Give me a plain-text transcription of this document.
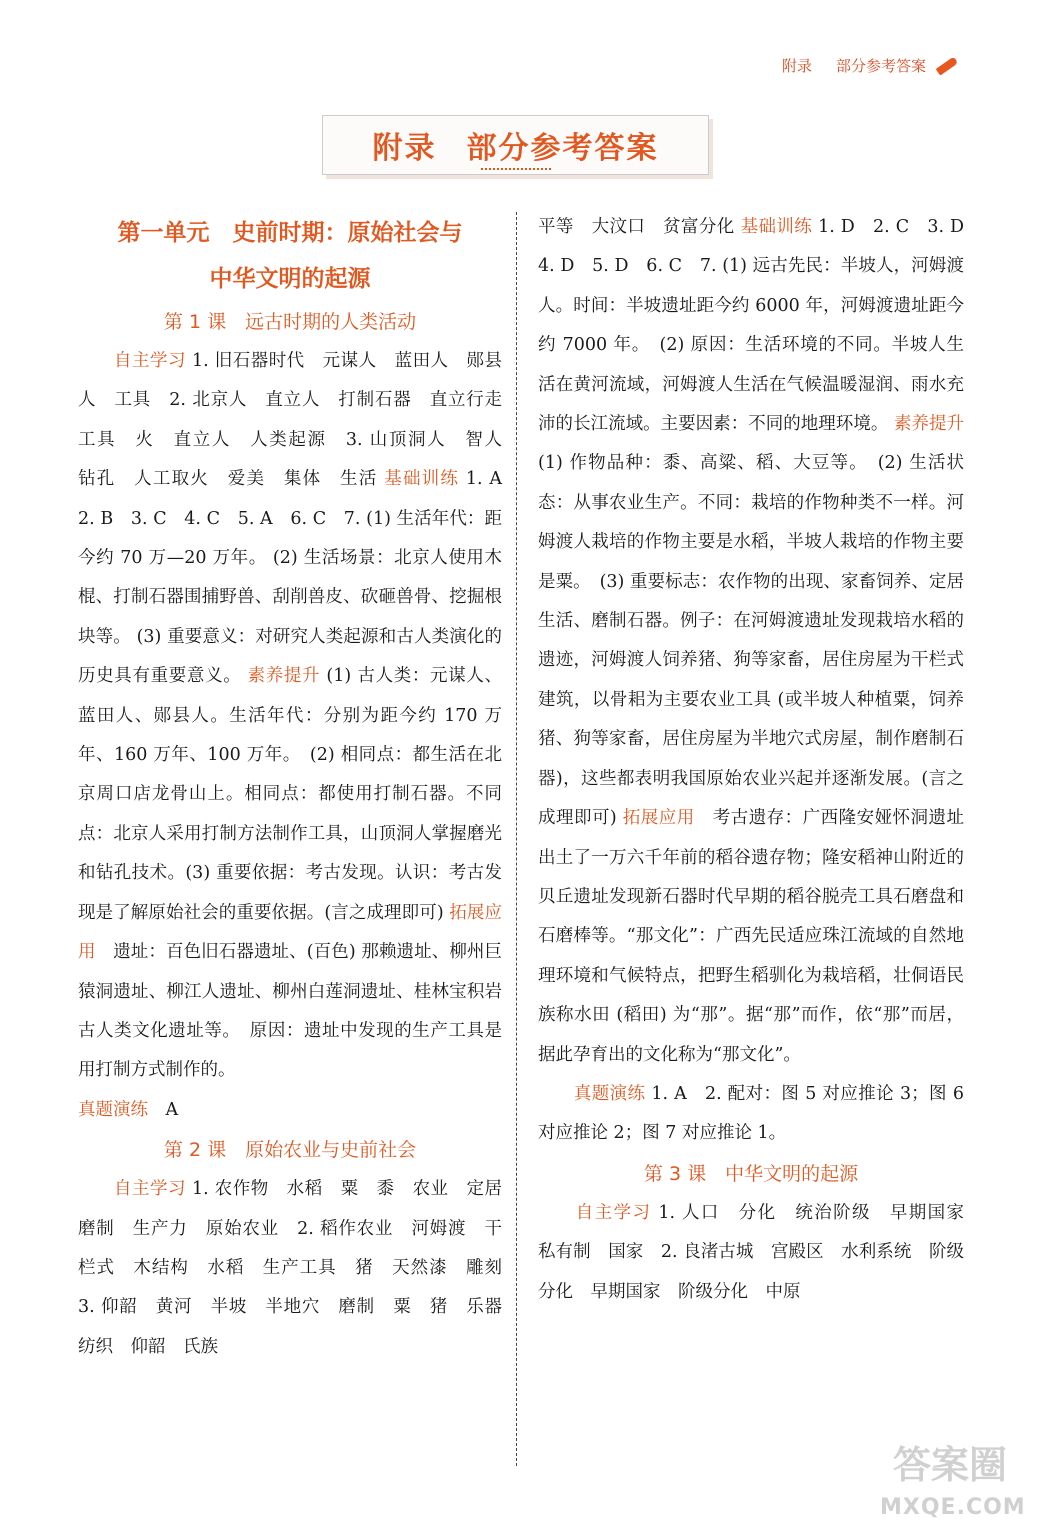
附录 部分参考答案
附录 部分参考答案
第一单元　史前时期：原始社会与
中华文明的起源
第 1 课　远古时期的人类活动

　　自主学习 1. 旧石器时代　元谋人　蓝田人　郧县人　工具　2. 北京人　直立人　打制石器　直立行走　工具　火　直立人　人类起源　3. 山顶洞人　智人　钻孔　人工取火　爱美　集体　生活 基础训练 1. A　2. B　3. C　4. C　5. A　6. C　7. (1) 生活年代：距今约 70 万—20 万年。 (2) 生活场景：北京人使用木棍、打制石器围捕野兽、刮削兽皮、砍砸兽骨、挖掘根块等。 (3) 重要意义：对研究人类起源和古人类演化的历史具有重要意义。 素养提升 (1) 古人类：元谋人、蓝田人、郧县人。生活年代：分别为距今约 170 万年、160 万年、100 万年。　(2) 相同点：都生活在北京周口店龙骨山上。相同点：都使用打制石器。不同点：北京人采用打制方法制作工具，山顶洞人掌握磨光和钻孔技术。(3) 重要依据：考古发现。认识：考古发现是了解原始社会的重要依据。(言之成理即可) 拓展应用　遗址：百色旧石器遗址、(百色) 那赖遗址、柳州巨猿洞遗址、柳江人遗址、柳州白莲洞遗址、桂林宝积岩古人类文化遗址等。　原因：遗址中发现的生产工具是用打制方式制作的。

真题演练　A

第 2 课　原始农业与史前社会

　　自主学习 1. 农作物　水稻　粟　黍　农业　定居　磨制　生产力　原始农业　2. 稻作农业　河姆渡　干栏式　木结构　水稻　生产工具　猪　天然漆　雕刻　3. 仰韶　黄河　半坡　半地穴　磨制　粟　猪　乐器　纺织　仰韶　氏族

平等　大汶口　贫富分化 基础训练 1. D　2. C　3. D　4. D　5. D　6. C　7. (1) 远古先民：半坡人，河姆渡人。时间：半坡遗址距今约 6000 年，河姆渡遗址距今约 7000 年。　(2) 原因：生活环境的不同。半坡人生活在黄河流域，河姆渡人生活在气候温暖湿润、雨水充沛的长江流域。主要因素：不同的地理环境。 素养提升 (1) 作物品种：黍、高粱、稻、大豆等。　(2) 生活状态：从事农业生产。不同：栽培的作物种类不一样。河姆渡人栽培的作物主要是水稻，半坡人栽培的作物主要是粟。　(3) 重要标志：农作物的出现、家畜饲养、定居生活、磨制石器。例子：在河姆渡遗址发现栽培水稻的遗迹，河姆渡人饲养猪、狗等家畜，居住房屋为干栏式建筑，以骨耜为主要农业工具 (或半坡人种植粟，饲养猪、狗等家畜，居住房屋为半地穴式房屋，制作磨制石器)，这些都表明我国原始农业兴起并逐渐发展。(言之成理即可) 拓展应用　考古遗存：广西隆安娅怀洞遗址出土了一万六千年前的稻谷遗存物；隆安稻神山附近的贝丘遗址发现新石器时代早期的稻谷脱壳工具石磨盘和石磨棒等。“那文化”：广西先民适应珠江流域的自然地理环境和气候特点，把野生稻驯化为栽培稻，壮侗语民族称水田 (稻田) 为“那”。据“那”而作，依“那”而居，据此孕育出的文化称为“那文化”。

　　真题演练 1. A　2. 配对：图 5 对应推论 3；图 6 对应推论 2；图 7 对应推论 1。

第 3 课　中华文明的起源

　　自主学习 1. 人口　分化　统治阶级　早期国家　私有制　国家　2. 良渚古城　宫殿区　水利系统　阶级分化　早期国家　阶级分化　中原

答案圈
MXQE.COM
